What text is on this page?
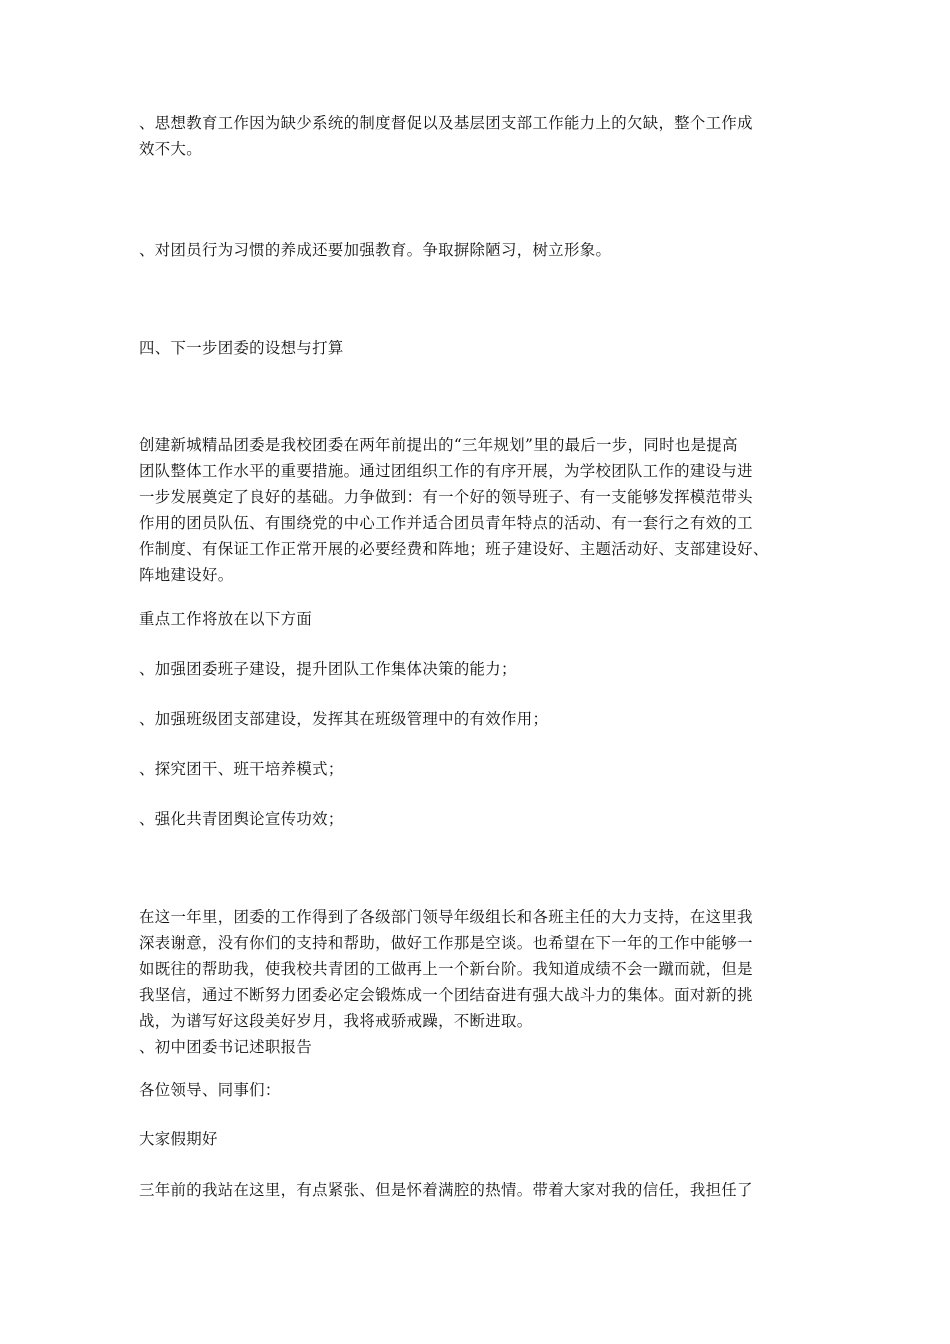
、思想教育工作因为缺少系统的制度督促以及基层团支部工作能力上的欠缺，整个工作成
效不大。
、对团员行为习惯的养成还要加强教育。争取摒除陋习，树立形象。
四、下一步团委的设想与打算
创建新城精品团委是我校团委在两年前提出的“三年规划”里的最后一步，同时也是提高
团队整体工作水平的重要措施。通过团组织工作的有序开展，为学校团队工作的建设与进
一步发展奠定了良好的基础。力争做到：有一个好的领导班子、有一支能够发挥模范带头
作用的团员队伍、有围绕党的中心工作并适合团员青年特点的活动、有一套行之有效的工
作制度、有保证工作正常开展的必要经费和阵地；班子建设好、主题活动好、支部建设好、
阵地建设好。
重点工作将放在以下方面
、加强团委班子建设，提升团队工作集体决策的能力；
、加强班级团支部建设，发挥其在班级管理中的有效作用；
、探究团干、班干培养模式；
、强化共青团舆论宣传功效；
在这一年里，团委的工作得到了各级部门领导年级组长和各班主任的大力支持，在这里我
深表谢意，没有你们的支持和帮助，做好工作那是空谈。也希望在下一年的工作中能够一
如既往的帮助我，使我校共青团的工做再上一个新台阶。我知道成绩不会一蹴而就，但是
我坚信，通过不断努力团委必定会锻炼成一个团结奋进有强大战斗力的集体。面对新的挑
战，为谱写好这段美好岁月，我将戒骄戒躁，不断进取。
、初中团委书记述职报告
各位领导、同事们：
大家假期好
三年前的我站在这里，有点紧张、但是怀着满腔的热情。带着大家对我的信任，我担任了
